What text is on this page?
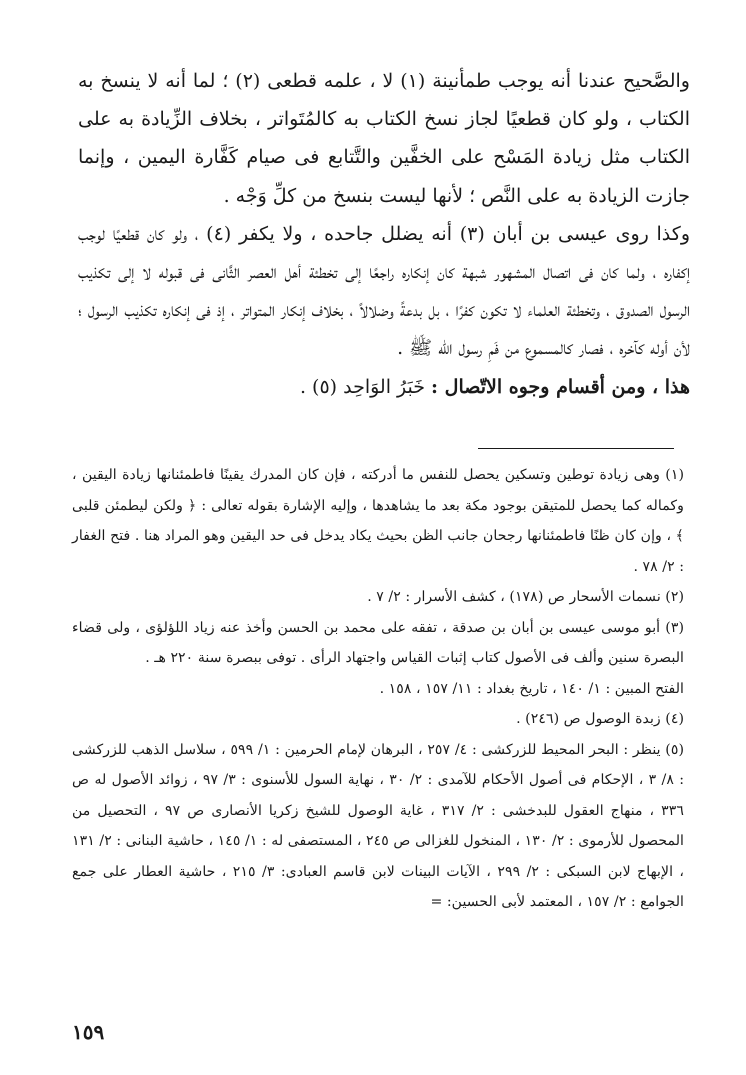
والصَّحيح عندنا أنه يوجب طمأنينة (١) لا ، علمه قطعى (٢) ؛ لما أنه لا ينسخ به الكتاب ، ولو كان قطعيًا لجاز نسخ الكتاب به كالمُتَواتر ، بخلاف الزِّيادة به على الكتاب مثل زيادة المَسْح على الخفَّين والتَّتابع فى صيام كَفَّارة اليمين ، وإنما جازت الزيادة به على النَّص ؛ لأنها ليست بنسخ من كلِّ وَجْه .

وكذا روى عيسى بن أبان (٣) أنه يضلل جاحده ، ولا يكفر (٤) ، ولو كان قطعيًا لوجب إكفاره ، ولما كان فى اتصال المشهور شبهة كان إنكاره راجعًا إلى تخطئة أهل العصر الثَّانى فى قبوله لا إلى تكذيب الرسول الصدوق ، وتخطئة العلماء لا تكون كفرًا ، بل بدعةً وضلالاً ، بخلاف إنكار المتواتر ، إذ فى إنكاره تكذيب الرسول ؛ لأن أوله كآخره ، فصار كالمسموع من فَمِ رسول الله ﷺ .

هذا ، ومن أقسام وجوه الاتّصال : خَبَرُ الوَاحِد (٥) .

(١) وهى زيادة توطين وتسكين يحصل للنفس ما أدركته ، فإن كان المدرك يقينًا فاطمئنانها زيادة اليقين ، وكماله كما يحصل للمتيقن بوجود مكة بعد ما يشاهدها ، وإليه الإشارة بقوله تعالى : ﴿ ولكن ليطمئن قلبى ﴾ ، وإن كان ظنًا فاطمئنانها رجحان جانب الظن بحيث يكاد يدخل فى حد اليقين وهو المراد هنا . فتح الغفار : ٢/ ٧٨ .

(٢) نسمات الأسحار ص (١٧٨) ، كشف الأسرار : ٢/ ٧ .

(٣) أبو موسى عيسى بن أبان بن صدقة ، تفقه على محمد بن الحسن وأخذ عنه زياد اللؤلؤى ، ولى قضاء البصرة سنين وألف فى الأصول كتاب إثبات القياس واجتهاد الرأى . توفى ببصرة سنة ٢٢٠ هـ .

الفتح المبين : ١/ ١٤٠ ، تاريخ بغداد : ١١/ ١٥٧ ، ١٥٨ .

(٤) زبدة الوصول ص (٢٤٦) .

(٥) ينظر : البحر المحيط للزركشى : ٤/ ٢٥٧ ، البرهان لإمام الحرمين : ١/ ٥٩٩ ، سلاسل الذهب للزركشى : ٨/ ٣ ، الإحكام فى أصول الأحكام للآمدى : ٢/ ٣٠ ، نهاية السول للأسنوى : ٣/ ٩٧ ، زوائد الأصول له ص ٣٣٦ ، منهاج العقول للبدخشى : ٢/ ٣١٧ ، غاية الوصول للشيخ زكريا الأنصارى ص ٩٧ ، التحصيل من المحصول للأرموى : ٢/ ١٣٠ ، المنخول للغزالى ص ٢٤٥ ، المستصفى له : ١/ ١٤٥ ، حاشية البنانى : ٢/ ١٣١ ، الإبهاج لابن السبكى : ٢/ ٢٩٩ ، الآيات البينات لابن قاسم العبادى: ٣/ ٢١٥ ، حاشية العطار على جمع الجوامع : ٢/ ١٥٧ ، المعتمد لأبى الحسين: =

١٥٩
